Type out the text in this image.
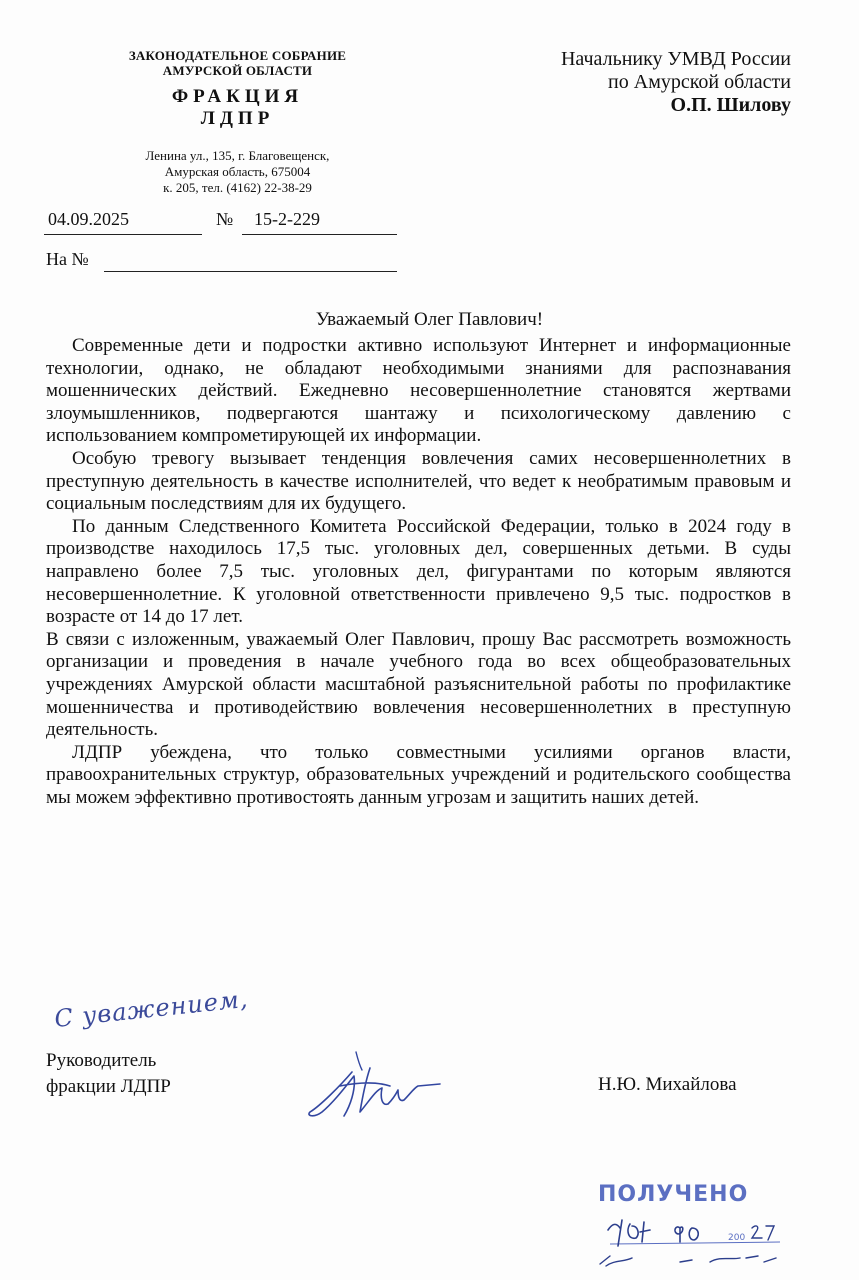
ЗАКОНОДАТЕЛЬНОЕ СОБРАНИЕ
АМУРСКОЙ ОБЛАСТИ
ФРАКЦИЯ
ЛДПР
Ленина ул., 135, г. Благовещенск,
Амурская область, 675004
к. 205, тел. (4162) 22-38-29
Начальнику УМВД России
по Амурской области
О.П. Шилову
04.09.2025	№	15-2-229
На №
Уважаемый Олег Павлович!

Современные дети и подростки активно используют Интернет и информационные технологии, однако, не обладают необходимыми знаниями для распознавания мошеннических действий. Ежедневно несовершеннолетние становятся жертвами злоумышленников, подвергаются шантажу и психологическому давлению с использованием компрометирующей их информации.

Особую тревогу вызывает тенденция вовлечения самих несовершеннолетних в преступную деятельность в качестве исполнителей, что ведет к необратимым правовым и социальным последствиям для их будущего.

По данным Следственного Комитета Российской Федерации, только в 2024 году в производстве находилось 17,5 тыс. уголовных дел, совершенных детьми. В суды направлено более 7,5 тыс. уголовных дел, фигурантами по которым являются несовершеннолетние. К уголовной ответственности привлечено 9,5 тыс. подростков в возрасте от 14 до 17 лет.

В связи с изложенным, уважаемый Олег Павлович, прошу Вас рассмотреть возможность организации и проведения в начале учебного года во всех общеобразовательных учреждениях Амурской области масштабной разъяснительной работы по профилактике мошенничества и противодействию вовлечения несовершеннолетних в преступную деятельность.

ЛДПР убеждена, что только совместными усилиями органов власти, правоохранительных структур, образовательных учреждений и родительского сообщества мы можем эффективно противостоять данным угрозам и защитить наших детей.

С уважением,
Руководитель
фракции ЛДПР	Н.Ю. Михайлова
ПОЛУЧЕНО
200
